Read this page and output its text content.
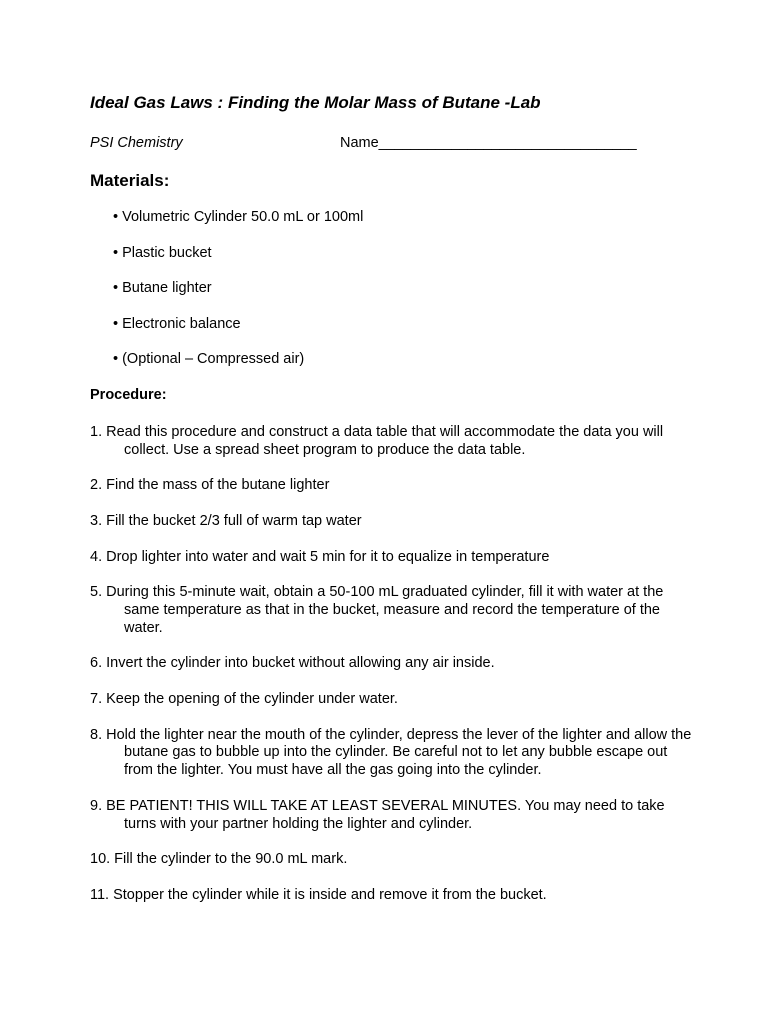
Ideal Gas Laws : Finding the Molar Mass of Butane -Lab
PSI Chemistry	Name________________________________
Materials:
• Volumetric Cylinder 50.0 mL or 100ml
• Plastic bucket
• Butane lighter
• Electronic balance
• (Optional – Compressed air)
Procedure:
1. Read this procedure and construct a data table that will accommodate the data you will collect. Use a spread sheet program to produce the data table.
2. Find the mass of the butane lighter
3. Fill the bucket 2/3 full of warm tap water
4. Drop lighter into water and wait 5 min for it to equalize in temperature
5. During this 5-minute wait, obtain a 50-100 mL graduated cylinder, fill it with water at the same temperature as that in the bucket, measure and record the temperature of the water.
6. Invert the cylinder into bucket without allowing any air inside.
7. Keep the opening of the cylinder under water.
8. Hold the lighter near the mouth of the cylinder, depress the lever of the lighter and allow the butane gas to bubble up into the cylinder. Be careful not to let any bubble escape out from the lighter. You must have all the gas going into the cylinder.
9. BE PATIENT! THIS WILL TAKE AT LEAST SEVERAL MINUTES. You may need to take turns with your partner holding the lighter and cylinder.
10. Fill the cylinder to the 90.0 mL mark.
11. Stopper the cylinder while it is inside and remove it from the bucket.
